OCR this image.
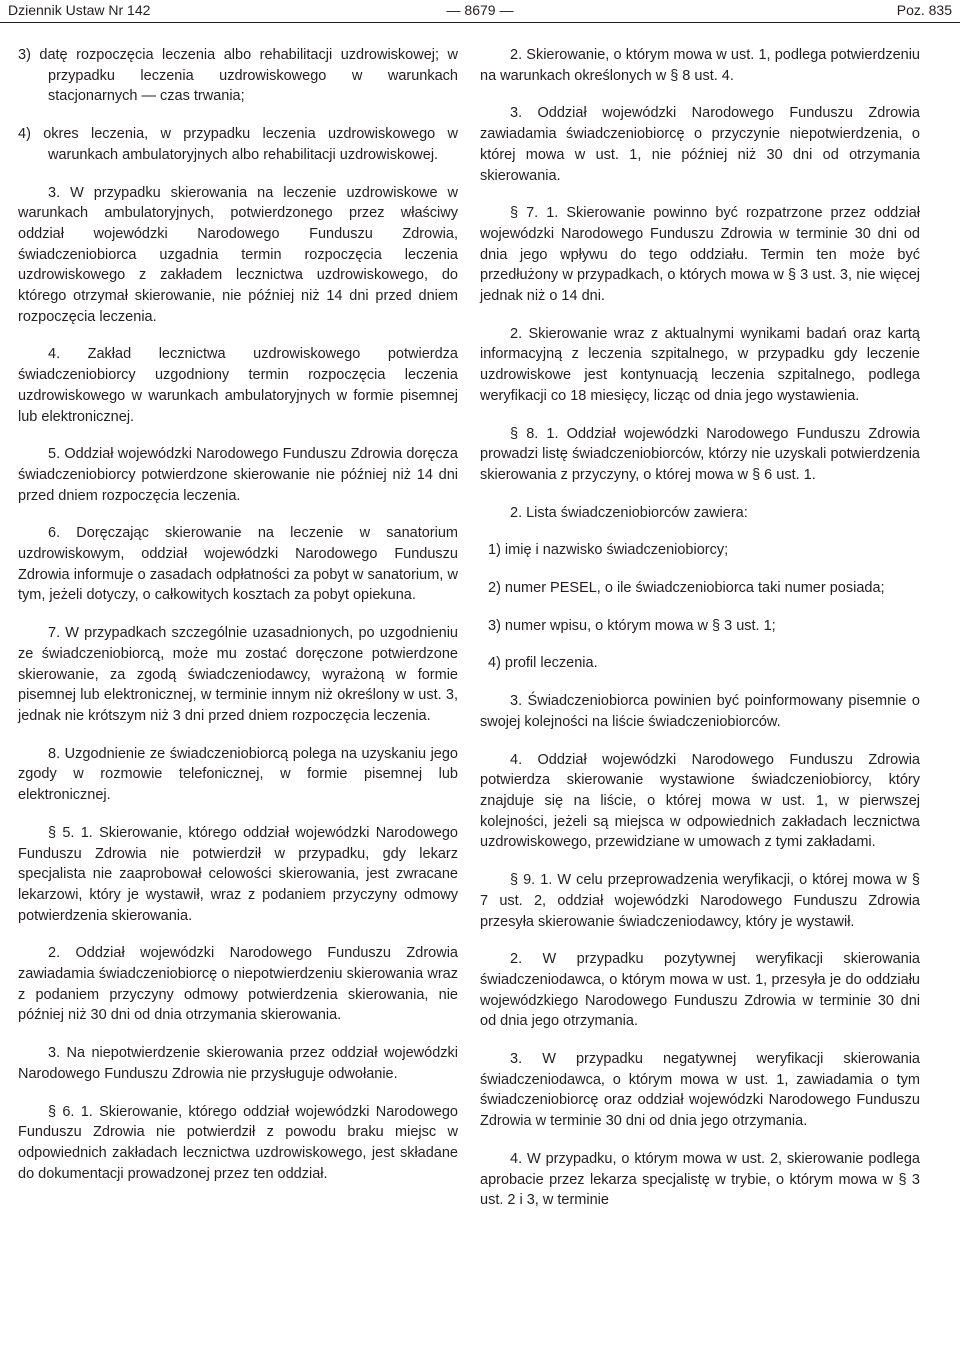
Dziennik Ustaw Nr 142	— 8679 —	Poz. 835

3) datę rozpoczęcia leczenia albo rehabilitacji uzdrowiskowej; w przypadku leczenia uzdrowiskowego w warunkach stacjonarnych — czas trwania;

4) okres leczenia, w przypadku leczenia uzdrowiskowego w warunkach ambulatoryjnych albo rehabilitacji uzdrowiskowej.

3. W przypadku skierowania na leczenie uzdrowiskowe w warunkach ambulatoryjnych, potwierdzonego przez właściwy oddział wojewódzki Narodowego Funduszu Zdrowia, świadczeniobiorca uzgadnia termin rozpoczęcia leczenia uzdrowiskowego z zakładem lecznictwa uzdrowiskowego, do którego otrzymał skierowanie, nie później niż 14 dni przed dniem rozpoczęcia leczenia.

4. Zakład lecznictwa uzdrowiskowego potwierdza świadczeniobiorcy uzgodniony termin rozpoczęcia leczenia uzdrowiskowego w warunkach ambulatoryjnych w formie pisemnej lub elektronicznej.

5. Oddział wojewódzki Narodowego Funduszu Zdrowia doręcza świadczeniobiorcy potwierdzone skierowanie nie później niż 14 dni przed dniem rozpoczęcia leczenia.

6. Doręczając skierowanie na leczenie w sanatorium uzdrowiskowym, oddział wojewódzki Narodowego Funduszu Zdrowia informuje o zasadach odpłatności za pobyt w sanatorium, w tym, jeżeli dotyczy, o całkowitych kosztach za pobyt opiekuna.

7. W przypadkach szczególnie uzasadnionych, po uzgodnieniu ze świadczeniobiorcą, może mu zostać doręczone potwierdzone skierowanie, za zgodą świadczeniodawcy, wyrażoną w formie pisemnej lub elektronicznej, w terminie innym niż określony w ust. 3, jednak nie krótszym niż 3 dni przed dniem rozpoczęcia leczenia.

8. Uzgodnienie ze świadczeniobiorcą polega na uzyskaniu jego zgody w rozmowie telefonicznej, w formie pisemnej lub elektronicznej.

§ 5. 1. Skierowanie, którego oddział wojewódzki Narodowego Funduszu Zdrowia nie potwierdził w przypadku, gdy lekarz specjalista nie zaaprobował celowości skierowania, jest zwracane lekarzowi, który je wystawił, wraz z podaniem przyczyny odmowy potwierdzenia skierowania.

2. Oddział wojewódzki Narodowego Funduszu Zdrowia zawiadamia świadczeniobiorcę o niepotwierdzeniu skierowania wraz z podaniem przyczyny odmowy potwierdzenia skierowania, nie później niż 30 dni od dnia otrzymania skierowania.

3. Na niepotwierdzenie skierowania przez oddział wojewódzki Narodowego Funduszu Zdrowia nie przysługuje odwołanie.

§ 6. 1. Skierowanie, którego oddział wojewódzki Narodowego Funduszu Zdrowia nie potwierdził z powodu braku miejsc w odpowiednich zakładach lecznictwa uzdrowiskowego, jest składane do dokumentacji prowadzonej przez ten oddział.

2. Skierowanie, o którym mowa w ust. 1, podlega potwierdzeniu na warunkach określonych w § 8 ust. 4.

3. Oddział wojewódzki Narodowego Funduszu Zdrowia zawiadamia świadczeniobiorcę o przyczynie niepotwierdzenia, o której mowa w ust. 1, nie później niż 30 dni od otrzymania skierowania.

§ 7. 1. Skierowanie powinno być rozpatrzone przez oddział wojewódzki Narodowego Funduszu Zdrowia w terminie 30 dni od dnia jego wpływu do tego oddziału. Termin ten może być przedłużony w przypadkach, o których mowa w § 3 ust. 3, nie więcej jednak niż o 14 dni.

2. Skierowanie wraz z aktualnymi wynikami badań oraz kartą informacyjną z leczenia szpitalnego, w przypadku gdy leczenie uzdrowiskowe jest kontynuacją leczenia szpitalnego, podlega weryfikacji co 18 miesięcy, licząc od dnia jego wystawienia.

§ 8. 1. Oddział wojewódzki Narodowego Funduszu Zdrowia prowadzi listę świadczeniobiorców, którzy nie uzyskali potwierdzenia skierowania z przyczyny, o której mowa w § 6 ust. 1.

2. Lista świadczeniobiorców zawiera:

1) imię i nazwisko świadczeniobiorcy;

2) numer PESEL, o ile świadczeniobiorca taki numer posiada;

3) numer wpisu, o którym mowa w § 3 ust. 1;

4) profil leczenia.

3. Świadczeniobiorca powinien być poinformowany pisemnie o swojej kolejności na liście świadczeniobiorców.

4. Oddział wojewódzki Narodowego Funduszu Zdrowia potwierdza skierowanie wystawione świadczeniobiorcy, który znajduje się na liście, o której mowa w ust. 1, w pierwszej kolejności, jeżeli są miejsca w odpowiednich zakładach lecznictwa uzdrowiskowego, przewidziane w umowach z tymi zakładami.

§ 9. 1. W celu przeprowadzenia weryfikacji, o której mowa w § 7 ust. 2, oddział wojewódzki Narodowego Funduszu Zdrowia przesyła skierowanie świadczeniodawcy, który je wystawił.

2. W przypadku pozytywnej weryfikacji skierowania świadczeniodawca, o którym mowa w ust. 1, przesyła je do oddziału wojewódzkiego Narodowego Funduszu Zdrowia w terminie 30 dni od dnia jego otrzymania.

3. W przypadku negatywnej weryfikacji skierowania świadczeniodawca, o którym mowa w ust. 1, zawiadamia o tym świadczeniobiorcę oraz oddział wojewódzki Narodowego Funduszu Zdrowia w terminie 30 dni od dnia jego otrzymania.

4. W przypadku, o którym mowa w ust. 2, skierowanie podlega aprobacie przez lekarza specjalistę w trybie, o którym mowa w § 3 ust. 2 i 3, w terminie
